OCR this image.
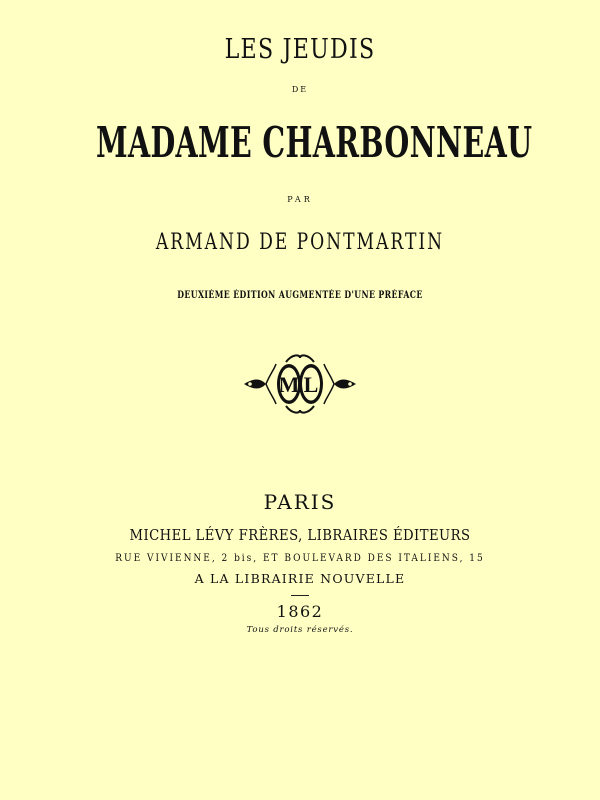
LES JEUDIS
DE
MADAME CHARBONNEAU
PAR
ARMAND DE PONTMARTIN
DEUXIÈME ÉDITION AUGMENTÉE D'UNE PRÉFACE
M L
PARIS
MICHEL LÉVY FRÈRES, LIBRAIRES ÉDITEURS
RUE VIVIENNE, 2 bis, ET BOULEVARD DES ITALIENS, 15
A LA LIBRAIRIE NOUVELLE
1862
Tous droits réservés.
